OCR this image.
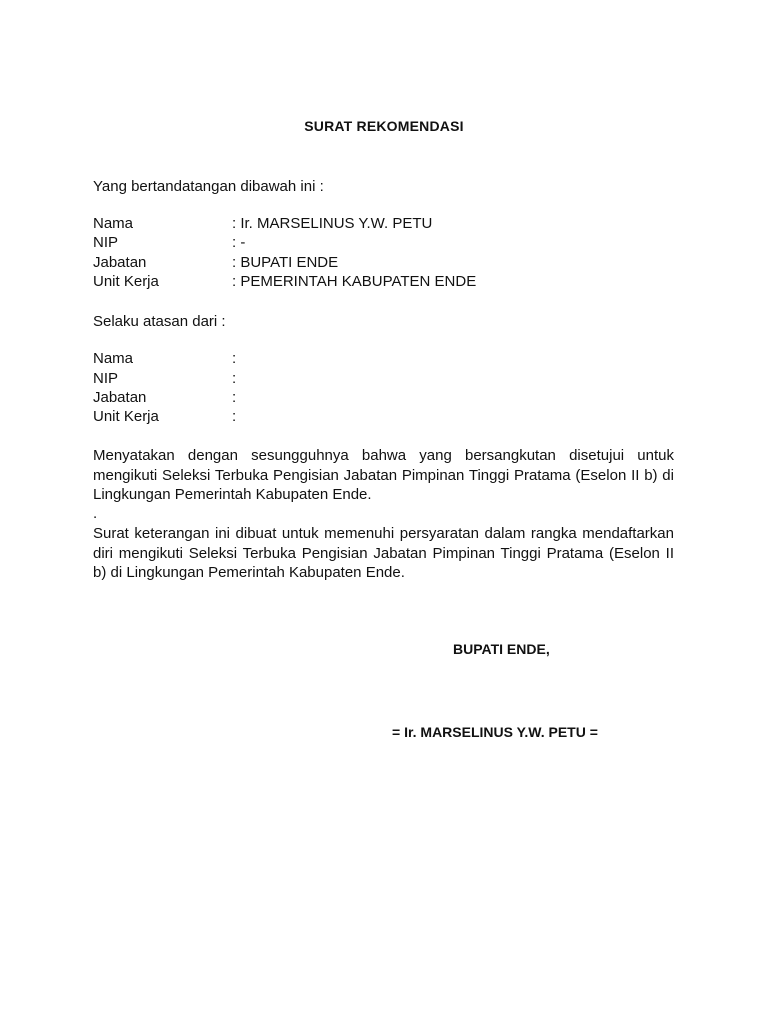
SURAT REKOMENDASI
Yang bertandatangan dibawah ini :
Nama	: Ir. MARSELINUS Y.W. PETU
NIP	: -
Jabatan	: BUPATI ENDE
Unit Kerja	: PEMERINTAH KABUPATEN ENDE
Selaku atasan dari :
Nama	:
NIP	:
Jabatan	:
Unit Kerja	:
Menyatakan dengan sesungguhnya bahwa yang bersangkutan disetujui untuk mengikuti Seleksi Terbuka Pengisian Jabatan Pimpinan Tinggi Pratama (Eselon II b) di Lingkungan Pemerintah Kabupaten Ende.
.
Surat keterangan ini dibuat untuk memenuhi persyaratan dalam rangka mendaftarkan diri mengikuti Seleksi Terbuka Pengisian Jabatan Pimpinan Tinggi Pratama (Eselon II b) di Lingkungan Pemerintah Kabupaten Ende.
BUPATI ENDE,
= Ir. MARSELINUS Y.W. PETU =
